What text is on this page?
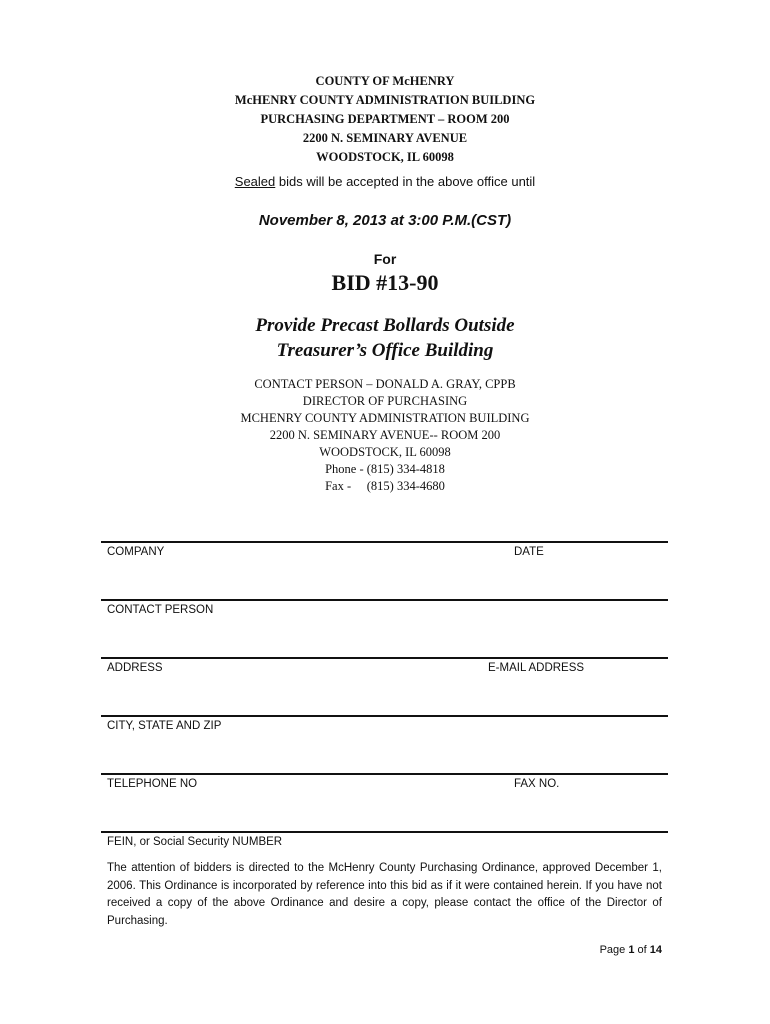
COUNTY OF McHENRY
McHENRY COUNTY ADMINISTRATION BUILDING
PURCHASING DEPARTMENT – ROOM 200
2200 N. SEMINARY AVENUE
WOODSTOCK, IL 60098
Sealed bids will be accepted in the above office until
November 8, 2013 at 3:00 P.M.(CST)
For
BID #13-90
Provide Precast Bollards Outside
Treasurer’s Office Building
CONTACT PERSON – DONALD A. GRAY, CPPB
DIRECTOR OF PURCHASING
MCHENRY COUNTY ADMINISTRATION BUILDING
2200 N. SEMINARY AVENUE-- ROOM 200
WOODSTOCK, IL 60098
Phone - (815) 334-4818
Fax -     (815) 334-4680
COMPANY	DATE
CONTACT PERSON
ADDRESS	E-MAIL ADDRESS
CITY, STATE AND ZIP
TELEPHONE NO	FAX NO.
FEIN, or Social Security NUMBER
The attention of bidders is directed to the McHenry County Purchasing Ordinance, approved December 1, 2006. This Ordinance is incorporated by reference into this bid as if it were contained herein. If you have not received a copy of the above Ordinance and desire a copy, please contact the office of the Director of Purchasing.
Page 1 of 14
